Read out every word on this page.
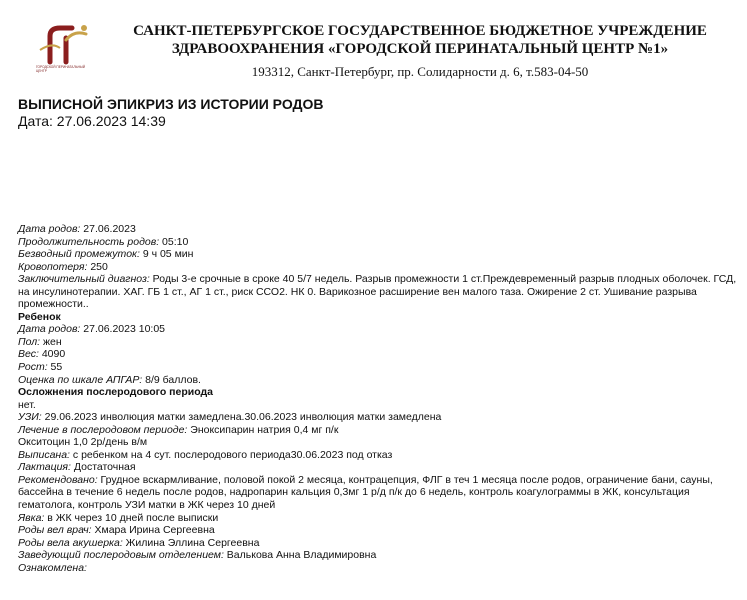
ГОРОДСКОЙ ПЕРИНАТАЛЬНЫЙ ЦЕНТР
САНКТ-ПЕТЕРБУРГСКОЕ ГОСУДАРСТВЕННОЕ БЮДЖЕТНОЕ УЧРЕЖДЕНИЕ
ЗДРАВООХРАНЕНИЯ «ГОРОДСКОЙ ПЕРИНАТАЛЬНЫЙ ЦЕНТР №1»
193312, Санкт-Петербург, пр. Солидарности д. 6, т.583-04-50
ВЫПИСНОЙ ЭПИКРИЗ ИЗ ИСТОРИИ РОДОВ
Дата: 27.06.2023 14:39

Дата родов: 27.06.2023

Продолжительность родов: 05:10

Безводный промежуток: 9 ч 05 мин

Кровопотеря: 250

Заключительный диагноз: Роды 3-е срочные в сроке 40 5/7 недель. Разрыв промежности 1 ст.Преждевременный разрыв плодных оболочек. ГСД, на инсулинотерапии. ХАГ. ГБ 1 ст., АГ 1 ст., риск ССО2. НК 0. Варикозное расширение вен малого таза. Ожирение 2 ст. Ушивание разрыва промежности..

Ребенок

Дата родов: 27.06.2023 10:05

Пол: жен

Вес: 4090

Рост: 55

Оценка по шкале АПГАР: 8/9 баллов.

Осложнения послеродового периода

нет.

УЗИ: 29.06.2023 инволюция матки замедлена.30.06.2023 инволюция матки замедлена

Лечение в послеродовом периоде: Эноксипарин натрия 0,4 мг п/к

Окситоцин 1,0 2р/день в/м

Выписана: с ребенком на 4 сут. послеродового периода30.06.2023 под отказ

Лактация: Достаточная

Рекомендовано: Грудное вскармливание, половой покой 2 месяца, контрацепция, ФЛГ в теч 1 месяца после родов, ограничение бани, сауны, бассейна в течение 6 недель после родов, надропарин кальция 0,3мг 1 р/д п/к до 6 недель, контроль коагулограммы в ЖК, консультация гематолога, контроль УЗИ матки в ЖК через 10 дней

Явка: в ЖК через 10 дней после выписки

Роды вел врач: Хмара Ирина Сергеевна

Роды вела акушерка: Жилина Эллина Сергеевна

Заведующий послеродовым отделением: Валькова Анна Владимировна

Ознакомлена:
